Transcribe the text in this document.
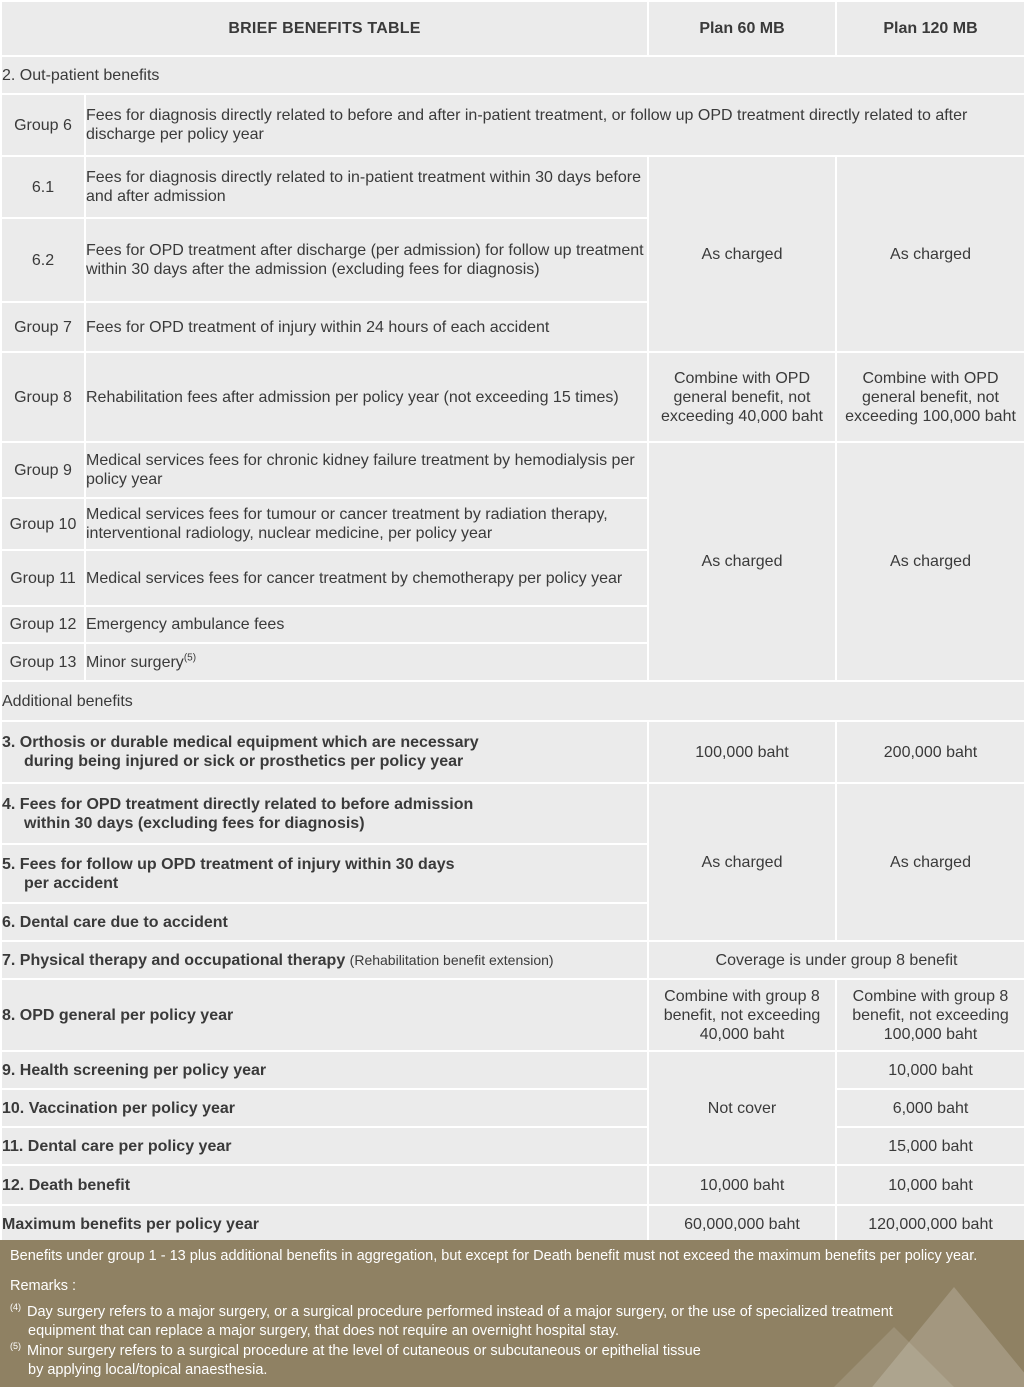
BRIEF BENEFITS TABLE		Plan 60 MB	Plan 120 MB
2. Out-patient benefits			
Group 6	Fees for diagnosis directly related to before and after in-patient treatment, or follow up OPD treatment directly related to after discharge per policy year		
6.1	Fees for diagnosis directly related to in-patient treatment within 30 days before and after admission	As charged	As charged
6.2	Fees for OPD treatment after discharge (per admission) for follow up treatment within 30 days after the admission (excluding fees for diagnosis)		
Group 7	Fees for OPD treatment of injury within 24 hours of each accident		
Group 8	Rehabilitation fees after admission per policy year (not exceeding 15 times)	Combine with OPD general benefit, not exceeding 40,000 baht	Combine with OPD general benefit, not exceeding 100,000 baht
Group 9	Medical services fees for chronic kidney failure treatment by hemodialysis per policy year	As charged	As charged
Group 10	Medical services fees for tumour or cancer treatment by radiation therapy, interventional radiology, nuclear medicine, per policy year		
Group 11	Medical services fees for cancer treatment by chemotherapy per policy year		
Group 12	Emergency ambulance fees		
Group 13	Minor surgery$^{(5)}$
Additional benefits			
3. Orthosis or durable medical equipment which are necessary
during being injured or sick or prosthetics per policy year		100,000 baht	200,000 baht
4. Fees for OPD treatment directly related to before admission
within 30 days (excluding fees for diagnosis)		As charged	As charged
5. Fees for follow up OPD treatment of injury within 30 days
per accident			

6. Dental care due to accident			
7. Physical therapy and occupational therapy (Rehabilitation benefit extension)		Coverage is under group 8 benefit	
8. OPD general per policy year		Combine with group 8 benefit, not exceeding 40,000 baht	Combine with group 8 benefit, not exceeding 100,000 baht
9. Health screening per policy year		Not cover	10,000 baht
10. Vaccination per policy year			6,000 baht
11. Dental care per policy year			15,000 baht
12. Death benefit		10,000 baht	10,000 baht
Maximum benefits per policy year		60,000,000 baht	120,000,000 baht
Benefits under group 1 - 13 plus additional benefits in aggregation, but except for Death benefit must not exceed the maximum benefits per policy year.
Remarks :
$^{(4)}$ Day surgery refers to a major surgery, or a surgical procedure performed instead of a major surgery, or the use of specialized treatment
equipment that can replace a major surgery, that does not require an overnight hospital stay.
$^{(5)}$ Minor surgery refers to a surgical procedure at the level of cutaneous or subcutaneous or epithelial tissue
by applying local/topical anaesthesia.
